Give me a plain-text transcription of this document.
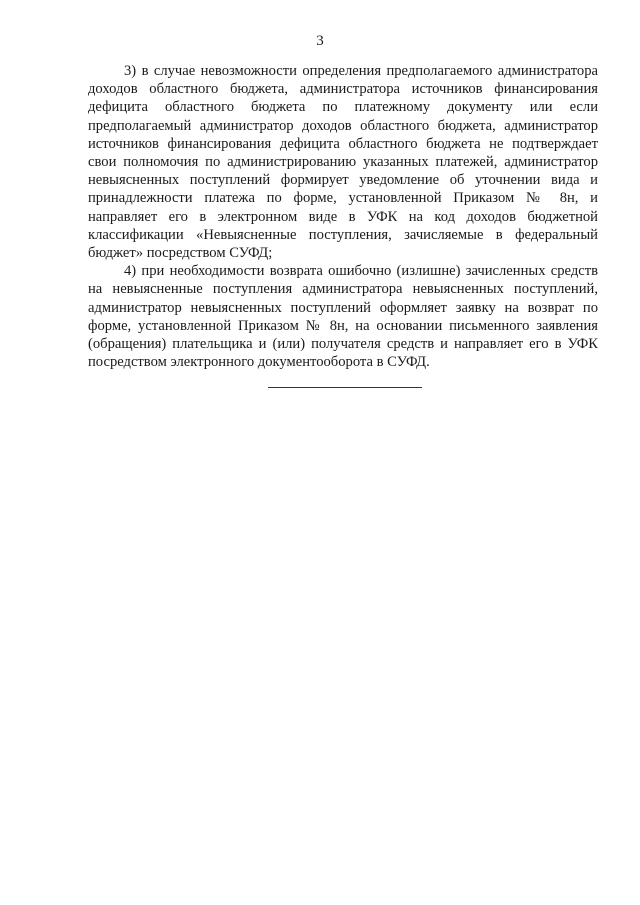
3

3) в случае невозможности определения предполагаемого администратора доходов областного бюджета, администратора источников финансирования дефицита областного бюджета по платежному документу или если предполагаемый администратор доходов областного бюджета, администратор источников финансирования дефицита областного бюджета не подтверждает свои полномочия по администрированию указанных платежей, администратор невыясненных поступлений формирует уведомление об уточнении вида и принадлежности платежа по форме, установленной Приказом № 8н, и направляет его в электронном виде в УФК на код доходов бюджетной классификации «Невыясненные поступления, зачисляемые в федеральный бюджет» посредством СУФД;

4) при необходимости возврата ошибочно (излишне) зачисленных средств на невыясненные поступления администратора невыясненных поступлений, администратор невыясненных поступлений оформляет заявку на возврат по форме, установленной Приказом № 8н, на основании письменного заявления (обращения) плательщика и (или) получателя средств и направляет его в УФК посредством электронного документооборота в СУФД.
